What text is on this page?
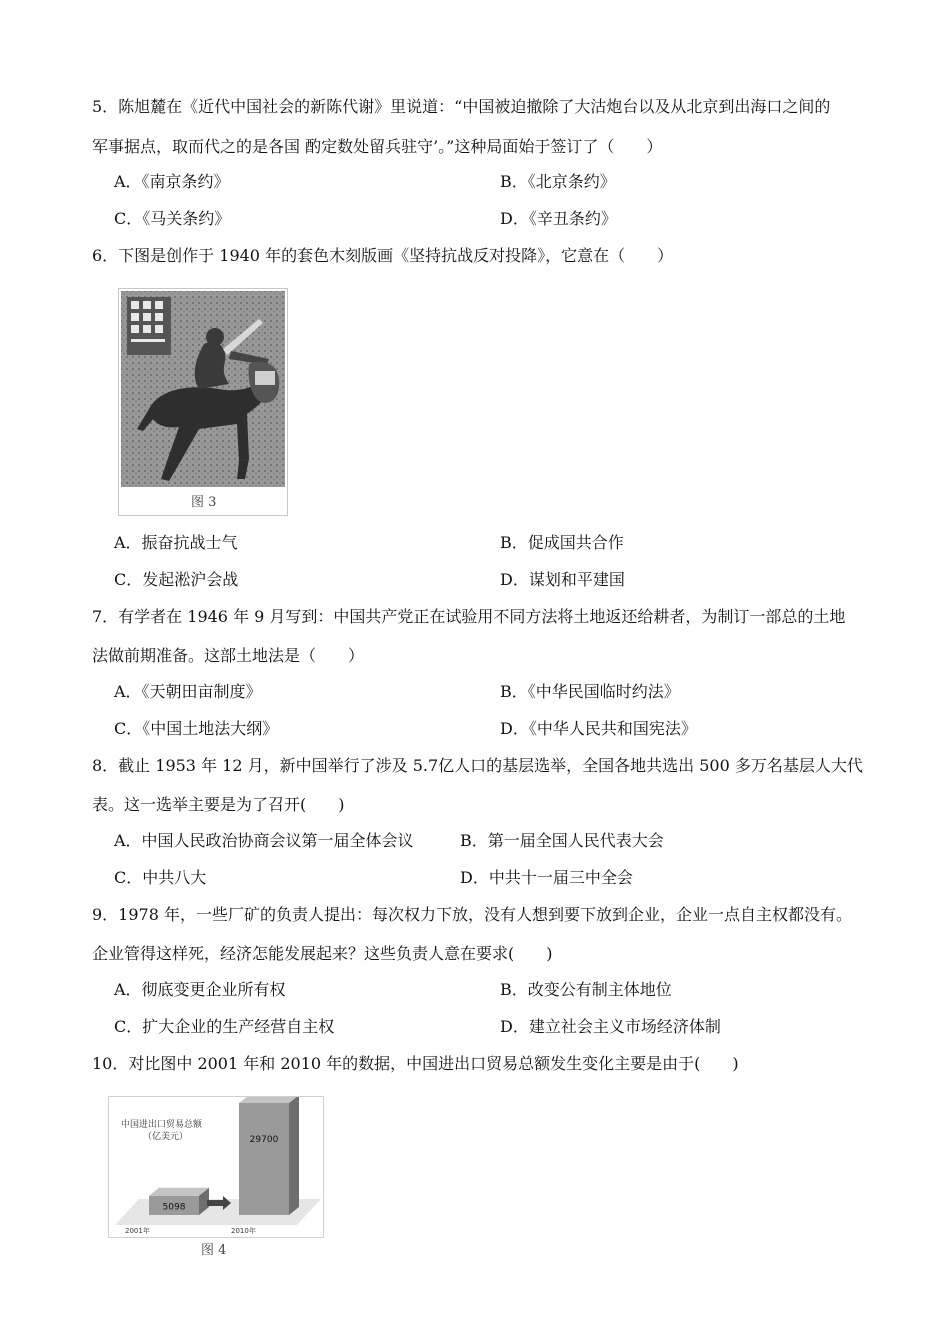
5．陈旭麓在《近代中国社会的新陈代谢》里说道：“中国被迫撤除了大沽炮台以及从北京到出海口之间的
军事据点，取而代之的是各国 酌定数处留兵驻守’。”这种局面始于签订了（　　）
A．《南京条约》	B．《北京条约》
C．《马关条约》	D．《辛丑条约》
6．下图是创作于 1940 年的套色木刻版画《坚持抗战反对投降》，它意在（　　）
图 3
A．振奋抗战士气	B．促成国共合作
C．发起淞沪会战	D．谋划和平建国
7．有学者在 1946 年 9 月写到：中国共产党正在试验用不同方法将土地返还给耕者，为制订一部总的土地
法做前期准备。这部土地法是（　　）
A．《天朝田亩制度》	B．《中华民国临时约法》
C．《中国土地法大纲》	D．《中华人民共和国宪法》
8．截止 1953 年 12 月，新中国举行了涉及 5.7亿人口的基层选举，全国各地共选出 500 多万名基层人大代
表。这一选举主要是为了召开(　　)
A．中国人民政治协商会议第一届全体会议	B．第一届全国人民代表大会
C．中共八大	D．中共十一届三中全会
9．1978 年，一些厂矿的负责人提出：每次权力下放，没有人想到要下放到企业，企业一点自主权都没有。
企业管得这样死，经济怎能发展起来？这些负责人意在要求(　　)
A．彻底变更企业所有权	B．改变公有制主体地位
C．扩大企业的生产经营自主权	D．建立社会主义市场经济体制
10．对比图中 2001 年和 2010 年的数据，中国进出口贸易总额发生变化主要是由于(　　)
中国进出口贸易总额
（亿美元）
5098
29700
2001年	2010年
图 4
